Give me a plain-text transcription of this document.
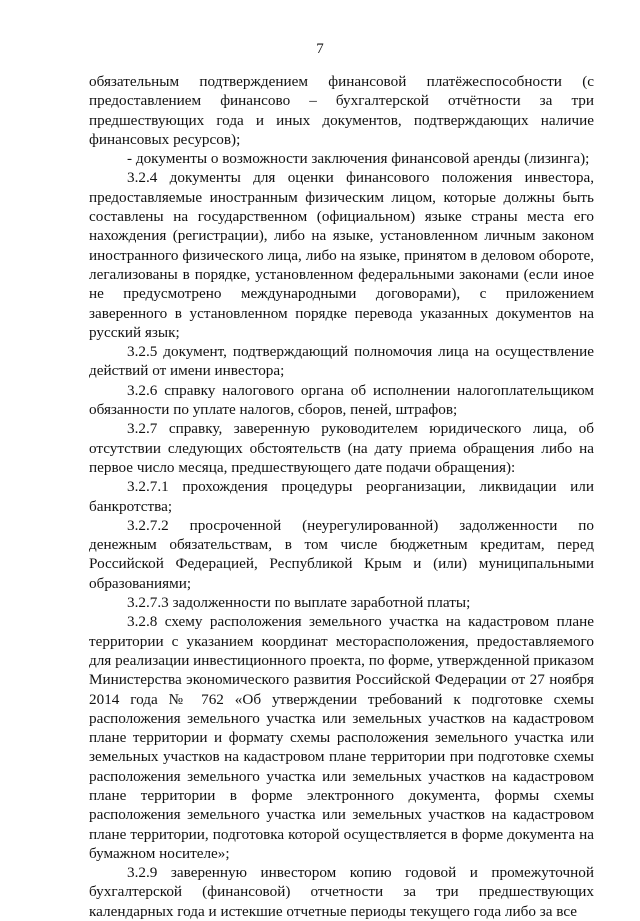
7

обязательным подтверждением финансовой платёжеспособности (с предоставлением финансово – бухгалтерской отчётности за три предшествующих года и иных документов, подтверждающих наличие финансовых ресурсов);

- документы о возможности заключения финансовой аренды (лизинга);

3.2.4 документы для оценки финансового положения инвестора, предоставляемые иностранным физическим лицом, которые должны быть составлены на государственном (официальном) языке страны места его нахождения (регистрации), либо на языке, установленном личным законом иностранного физического лица, либо на языке, принятом в деловом обороте, легализованы в порядке, установленном федеральными законами (если иное не предусмотрено международными договорами), с приложением заверенного в установленном порядке перевода указанных документов на русский язык;

3.2.5 документ, подтверждающий полномочия лица на осуществление действий от имени инвестора;

3.2.6 справку налогового органа об исполнении налогоплательщиком обязанности по уплате налогов, сборов, пеней, штрафов;

3.2.7 справку, заверенную руководителем юридического лица, об отсутствии следующих обстоятельств (на дату приема обращения либо на первое число месяца, предшествующего дате подачи обращения):

3.2.7.1 прохождения процедуры реорганизации, ликвидации или банкротства;

3.2.7.2 просроченной (неурегулированной) задолженности по денежным обязательствам, в том числе бюджетным кредитам, перед Российской Федерацией, Республикой Крым и (или) муниципальными образованиями;

3.2.7.3 задолженности по выплате заработной платы;

3.2.8 схему расположения земельного участка на кадастровом плане территории с указанием координат месторасположения, предоставляемого для реализации инвестиционного проекта, по форме, утвержденной приказом Министерства экономического развития Российской Федерации от 27 ноября 2014 года № 762 «Об утверждении требований к подготовке схемы расположения земельного участка или земельных участков на кадастровом плане территории и формату схемы расположения земельного участка или земельных участков на кадастровом плане территории при подготовке схемы расположения земельного участка или земельных участков на кадастровом плане территории в форме электронного документа, формы схемы расположения земельного участка или земельных участков на кадастровом плане территории, подготовка которой осуществляется в форме документа на бумажном носителе»;

3.2.9 заверенную инвестором копию годовой и промежуточной бухгалтерской (финансовой) отчетности за три предшествующих календарных года и истекшие отчетные периоды текущего года либо за все
